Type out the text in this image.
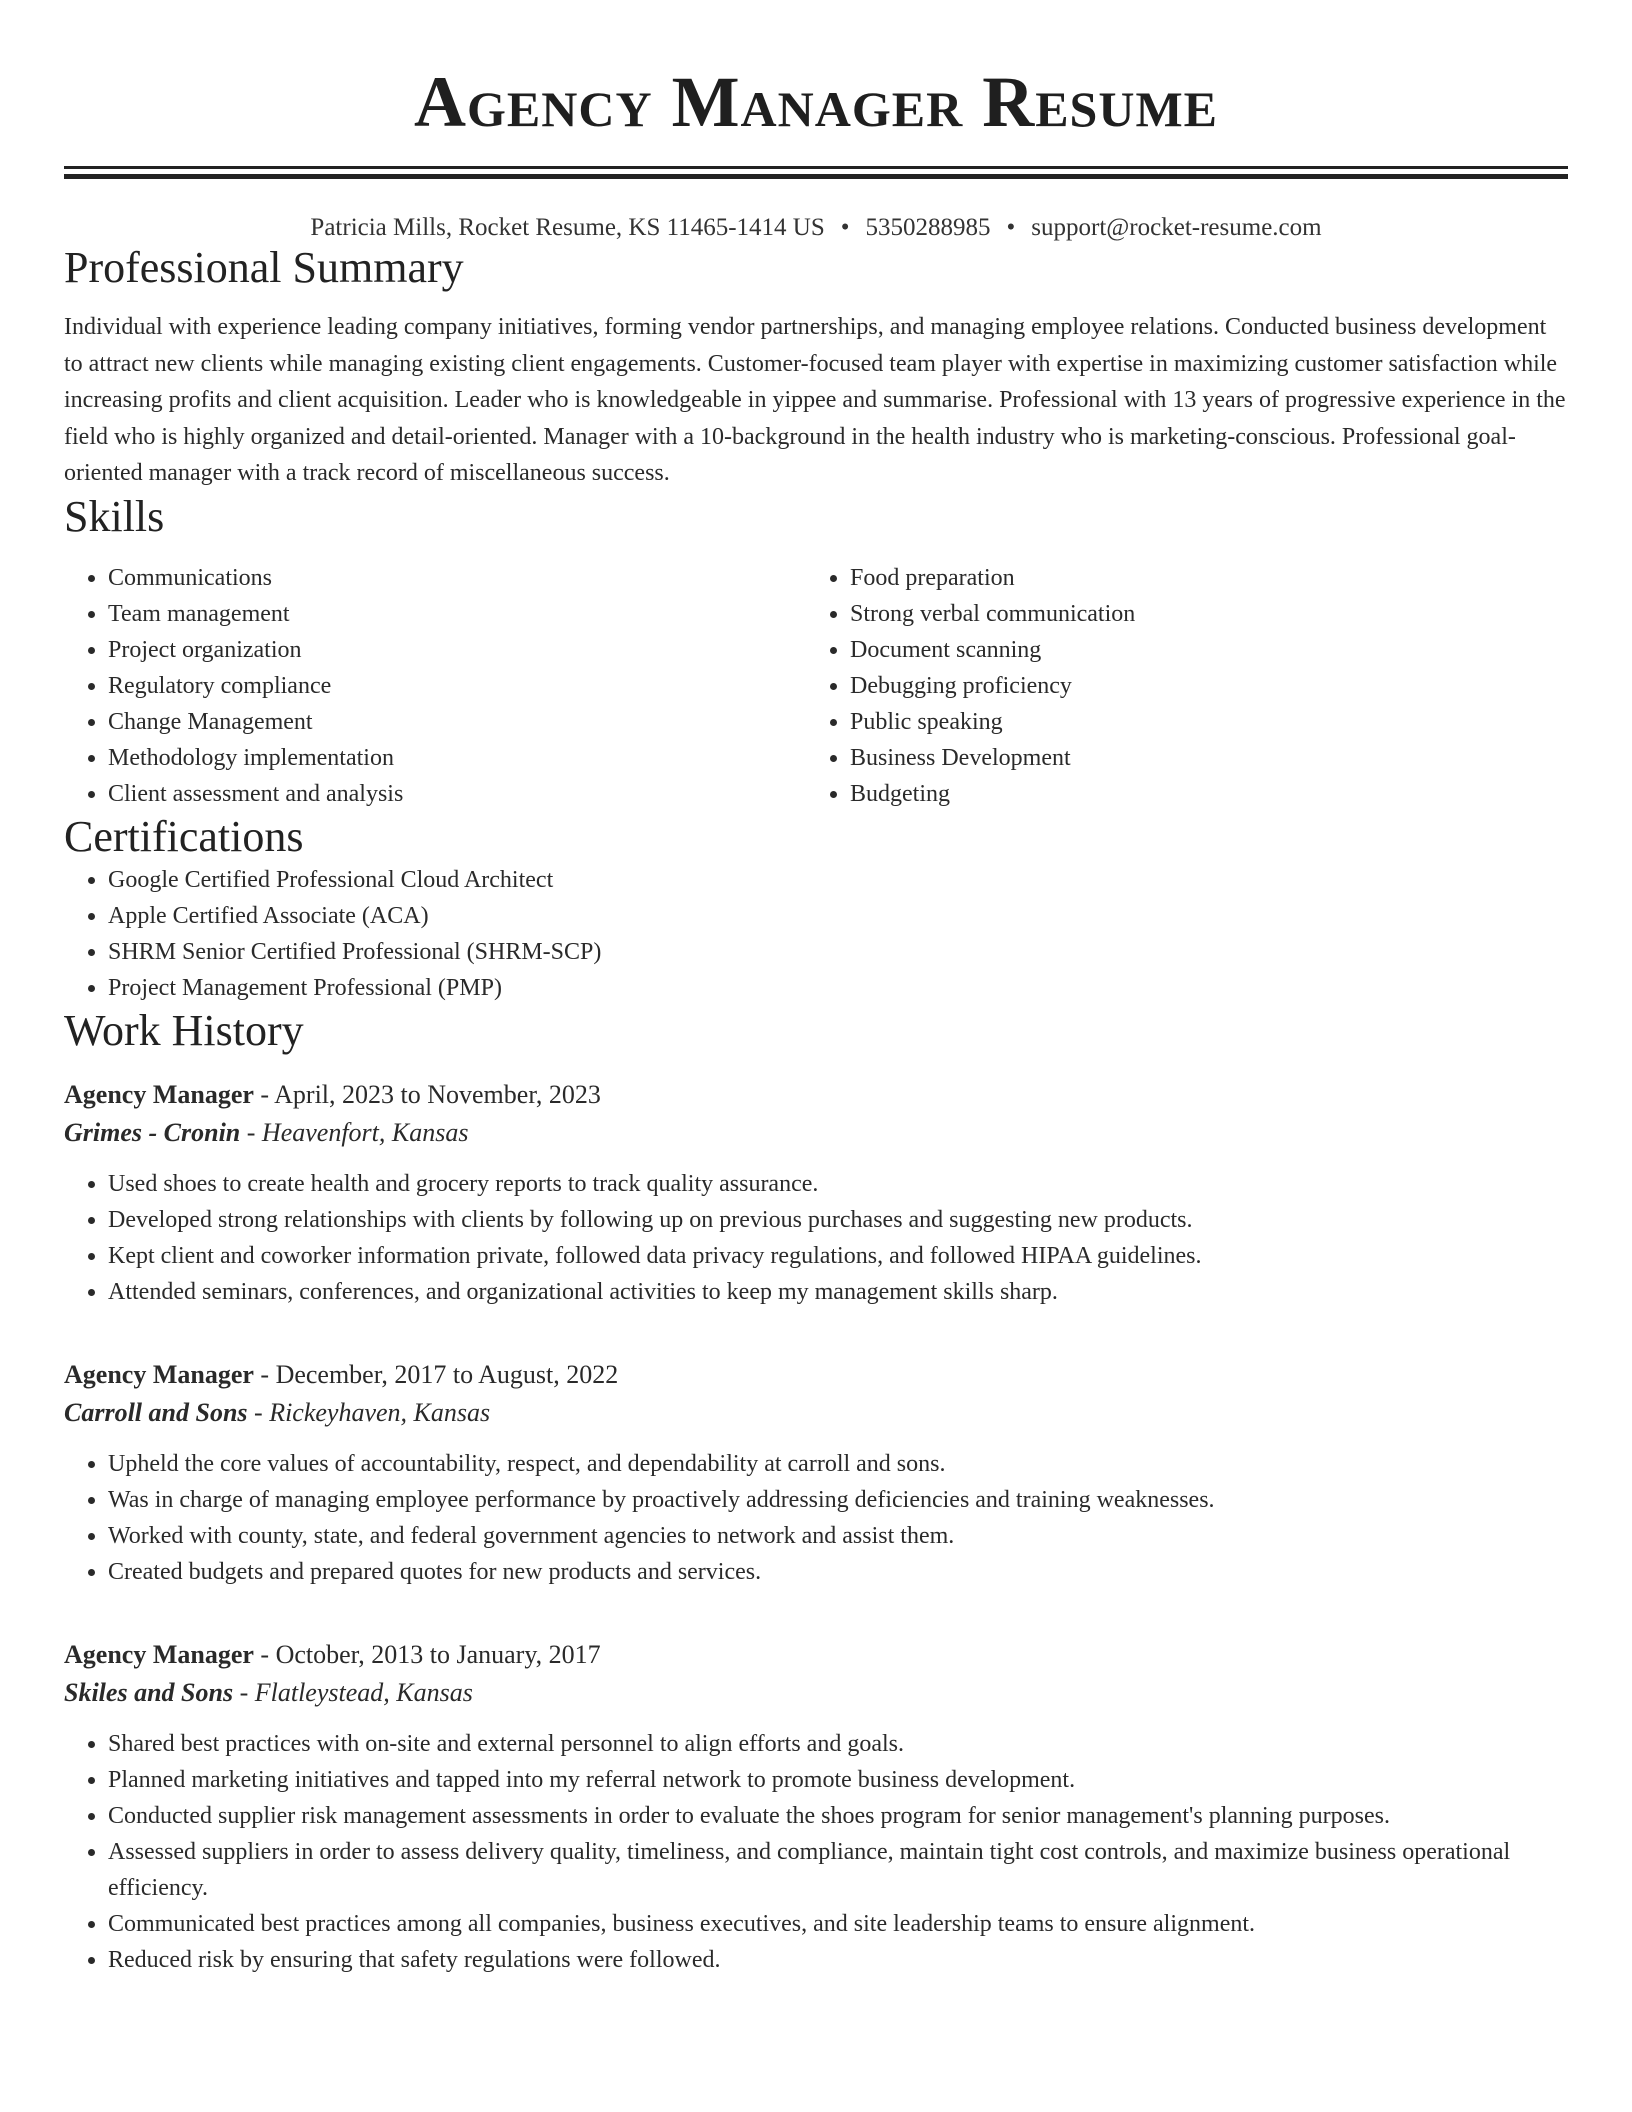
Agency Manager Resume
Patricia Mills, Rocket Resume, KS 11465-1414 US • 5350288985 • support@rocket-resume.com
Professional Summary
Individual with experience leading company initiatives, forming vendor partnerships, and managing employee relations. Conducted business development to attract new clients while managing existing client engagements. Customer-focused team player with expertise in maximizing customer satisfaction while increasing profits and client acquisition. Leader who is knowledgeable in yippee and summarise. Professional with 13 years of progressive experience in the field who is highly organized and detail-oriented. Manager with a 10-background in the health industry who is marketing-conscious. Professional goal-oriented manager with a track record of miscellaneous success.
Skills
• Communications
• Team management
• Project organization
• Regulatory compliance
• Change Management
• Methodology implementation
• Client assessment and analysis
• Food preparation
• Strong verbal communication
• Document scanning
• Debugging proficiency
• Public speaking
• Business Development
• Budgeting
Certifications
• Google Certified Professional Cloud Architect
• Apple Certified Associate (ACA)
• SHRM Senior Certified Professional (SHRM-SCP)
• Project Management Professional (PMP)
Work History
Agency Manager - April, 2023 to November, 2023
Grimes - Cronin - Heavenfort, Kansas
• Used shoes to create health and grocery reports to track quality assurance.
• Developed strong relationships with clients by following up on previous purchases and suggesting new products.
• Kept client and coworker information private, followed data privacy regulations, and followed HIPAA guidelines.
• Attended seminars, conferences, and organizational activities to keep my management skills sharp.
Agency Manager - December, 2017 to August, 2022
Carroll and Sons - Rickeyhaven, Kansas
• Upheld the core values of accountability, respect, and dependability at carroll and sons.
• Was in charge of managing employee performance by proactively addressing deficiencies and training weaknesses.
• Worked with county, state, and federal government agencies to network and assist them.
• Created budgets and prepared quotes for new products and services.
Agency Manager - October, 2013 to January, 2017
Skiles and Sons - Flatleystead, Kansas
• Shared best practices with on-site and external personnel to align efforts and goals.
• Planned marketing initiatives and tapped into my referral network to promote business development.
• Conducted supplier risk management assessments in order to evaluate the shoes program for senior management's planning purposes.
• Assessed suppliers in order to assess delivery quality, timeliness, and compliance, maintain tight cost controls, and maximize business operational efficiency.
• Communicated best practices among all companies, business executives, and site leadership teams to ensure alignment.
• Reduced risk by ensuring that safety regulations were followed.
